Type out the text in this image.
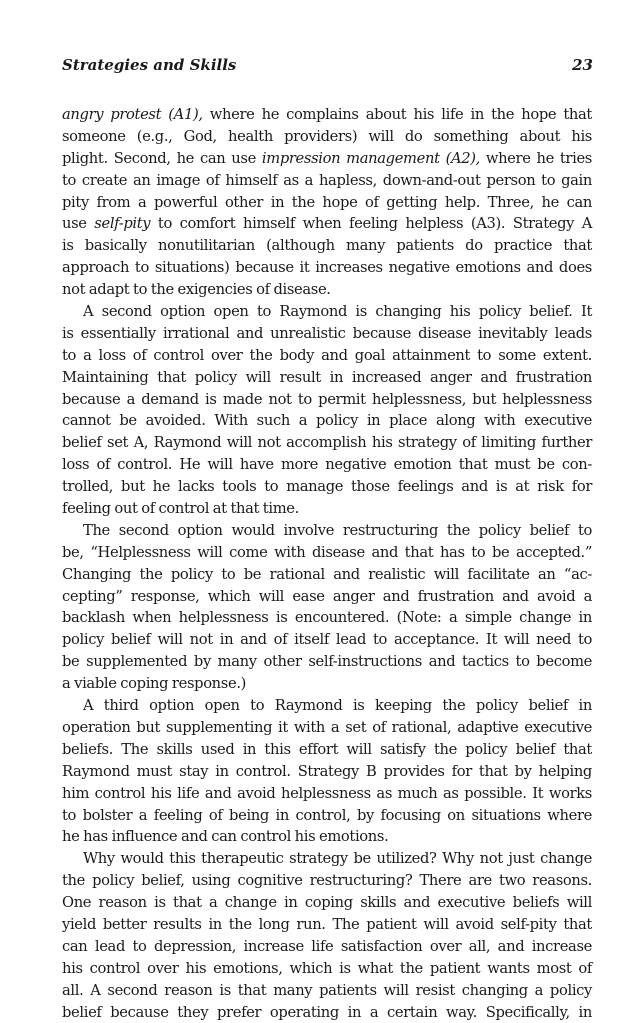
Strategies and Skills	23
angry protest (A1), where he complains about his life in the hope that
someone (e.g., God, health providers) will do something about his
plight. Second, he can use impression management (A2), where he tries
to create an image of himself as a hapless, down-and-out person to gain
pity from a powerful other in the hope of getting help. Three, he can
use self-pity to comfort himself when feeling helpless (A3). Strategy A
is basically nonutilitarian (although many patients do practice that
approach to situations) because it increases negative emotions and does
not adapt to the exigencies of disease.
A second option open to Raymond is changing his policy belief. It
is essentially irrational and unrealistic because disease inevitably leads
to a loss of control over the body and goal attainment to some extent.
Maintaining that policy will result in increased anger and frustration
because a demand is made not to permit helplessness, but helplessness
cannot be avoided. With such a policy in place along with executive
belief set A, Raymond will not accomplish his strategy of limiting further
loss of control. He will have more negative emotion that must be con-
trolled, but he lacks tools to manage those feelings and is at risk for
feeling out of control at that time.
The second option would involve restructuring the policy belief to
be, “Helplessness will come with disease and that has to be accepted.”
Changing the policy to be rational and realistic will facilitate an “ac-
cepting” response, which will ease anger and frustration and avoid a
backlash when helplessness is encountered. (Note: a simple change in
policy belief will not in and of itself lead to acceptance. It will need to
be supplemented by many other self-instructions and tactics to become
a viable coping response.)
A third option open to Raymond is keeping the policy belief in
operation but supplementing it with a set of rational, adaptive executive
beliefs. The skills used in this effort will satisfy the policy belief that
Raymond must stay in control. Strategy B provides for that by helping
him control his life and avoid helplessness as much as possible. It works
to bolster a feeling of being in control, by focusing on situations where
he has influence and can control his emotions.
Why would this therapeutic strategy be utilized? Why not just change
the policy belief, using cognitive restructuring? There are two reasons.
One reason is that a change in coping skills and executive beliefs will
yield better results in the long run. The patient will avoid self-pity that
can lead to depression, increase life satisfaction over all, and increase
his control over his emotions, which is what the patient wants most of
all. A second reason is that many patients will resist changing a policy
belief because they prefer operating in a certain way. Specifically, in
